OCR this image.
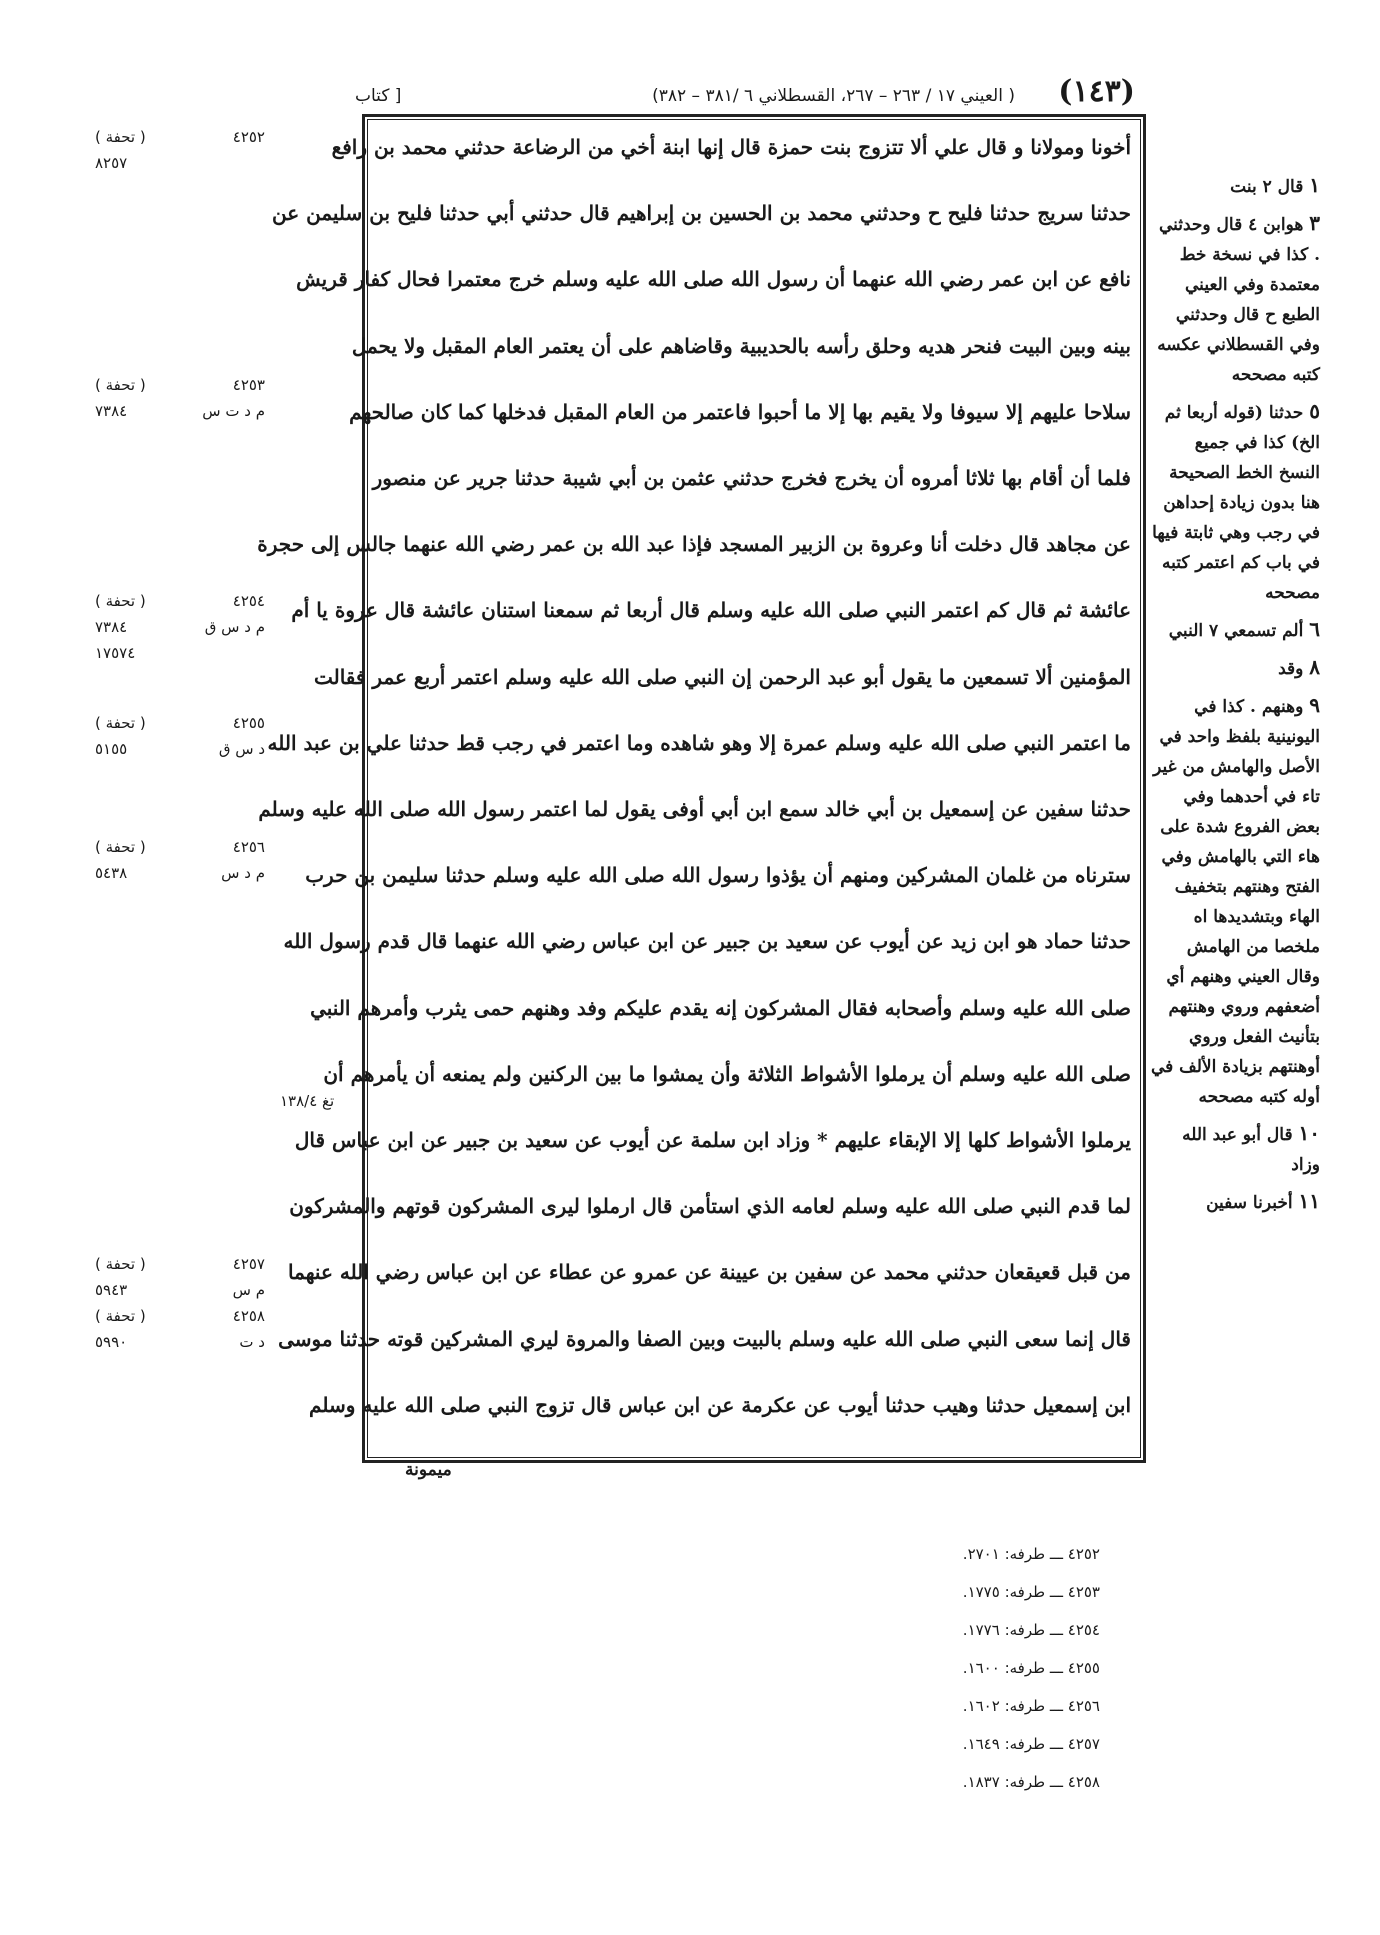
(١٤٣)
( العيني ١٧ / ٢٦٣ – ٢٦٧، القسطلاني ٦ /٣٨١ – ٣٨٢)
[ كتاب
أخونا ومولانا و قال علي ألا تتزوج بنت حمزة قال إنها ابنة أخي من الرضاعة حدثني محمد بن رافع
حدثنا سريج حدثنا فليح ح وحدثني محمد بن الحسين بن إبراهيم قال حدثني أبي حدثنا فليح بن سليمن عن
نافع عن ابن عمر رضي الله عنهما أن رسول الله صلى الله عليه وسلم خرج معتمرا فحال كفار قريش
بينه وبين البيت فنحر هديه وحلق رأسه بالحديبية وقاضاهم على أن يعتمر العام المقبل ولا يحمل
سلاحا عليهم إلا سيوفا ولا يقيم بها إلا ما أحبوا فاعتمر من العام المقبل فدخلها كما كان صالحهم
فلما أن أقام بها ثلاثا أمروه أن يخرج فخرج حدثني عثمن بن أبي شيبة حدثنا جرير عن منصور
عن مجاهد قال دخلت أنا وعروة بن الزبير المسجد فإذا عبد الله بن عمر رضي الله عنهما جالس إلى حجرة
عائشة ثم قال كم اعتمر النبي صلى الله عليه وسلم قال أربعا ثم سمعنا استنان عائشة قال عروة يا أم
المؤمنين ألا تسمعين ما يقول أبو عبد الرحمن إن النبي صلى الله عليه وسلم اعتمر أربع عمر فقالت
ما اعتمر النبي صلى الله عليه وسلم عمرة إلا وهو شاهده وما اعتمر في رجب قط حدثنا علي بن عبد الله
حدثنا سفين عن إسمعيل بن أبي خالد سمع ابن أبي أوفى يقول لما اعتمر رسول الله صلى الله عليه وسلم
سترناه من غلمان المشركين ومنهم أن يؤذوا رسول الله صلى الله عليه وسلم حدثنا سليمن بن حرب
حدثنا حماد هو ابن زيد عن أيوب عن سعيد بن جبير عن ابن عباس رضي الله عنهما قال قدم رسول الله
صلى الله عليه وسلم وأصحابه فقال المشركون إنه يقدم عليكم وفد وهنهم حمى يثرب وأمرهم النبي
صلى الله عليه وسلم أن يرملوا الأشواط الثلاثة وأن يمشوا ما بين الركنين ولم يمنعه أن يأمرهم أن
يرملوا الأشواط كلها إلا الإبقاء عليهم * وزاد ابن سلمة عن أيوب عن سعيد بن جبير عن ابن عباس قال
لما قدم النبي صلى الله عليه وسلم لعامه الذي استأمن قال ارملوا ليرى المشركون قوتهم والمشركون
من قبل قعيقعان حدثني محمد عن سفين بن عيينة عن عمرو عن عطاء عن ابن عباس رضي الله عنهما
قال إنما سعى النبي صلى الله عليه وسلم بالبيت وبين الصفا والمروة ليري المشركين قوته حدثنا موسى
ابن إسمعيل حدثنا وهيب حدثنا أيوب عن عكرمة عن ابن عباس قال تزوج النبي صلى الله عليه وسلم
١ قال ٢ بنت
٣ هوابن ٤ قال وحدثني . كذا في نسخة خط معتمدة وفي العيني الطبع ح قال وحدثني وفي القسطلاني عكسه كتبه مصححه
٥ حدثنا (قوله أربعا ثم الخ) كذا في جميع النسخ الخط الصحيحة هنا بدون زيادة إحداهن في رجب وهي ثابتة فيها في باب كم اعتمر كتبه مصححه
٦ ألم تسمعي ٧ النبي
٨ وقد
٩ وهنهم . كذا في اليونينية بلفظ واحد في الأصل والهامش من غير تاء في أحدهما وفي بعض الفروع شدة على هاء التي بالهامش وفي الفتح وهنتهم بتخفيف الهاء وبتشديدها اه ملخصا من الهامش وقال العيني وهنهم أي أضعفهم وروي وهنتهم بتأنيث الفعل وروي أوهنتهم بزيادة الألف في أوله كتبه مصححه
١٠ قال أبو عبد الله وزاد
١١ أخبرنا سفين
٤٢٥٢
( تحفة )
٨٢٥٧
٤٢٥٣
( تحفة )
م د ت س
٧٣٨٤
٤٢٥٤
( تحفة )
م د س ق
٧٣٨٤
١٧٥٧٤
٤٢٥٥
( تحفة )
د س ق
٥١٥٥
٤٢٥٦
( تحفة )
م د س
٥٤٣٨
٤٢٥٧
( تحفة )
م س
٥٩٤٣
٤٢٥٨
( تحفة )
د ت
٥٩٩٠
تغ ١٣٨/٤
ميمونة
٤٢٥٢ ـــ طرفه: ٢٧٠١.
٤٢٥٣ ـــ طرفه: ١٧٧٥.
٤٢٥٤ ـــ طرفه: ١٧٧٦.
٤٢٥٥ ـــ طرفه: ١٦٠٠.
٤٢٥٦ ـــ طرفه: ١٦٠٢.
٤٢٥٧ ـــ طرفه: ١٦٤٩.
٤٢٥٨ ـــ طرفه: ١٨٣٧.
